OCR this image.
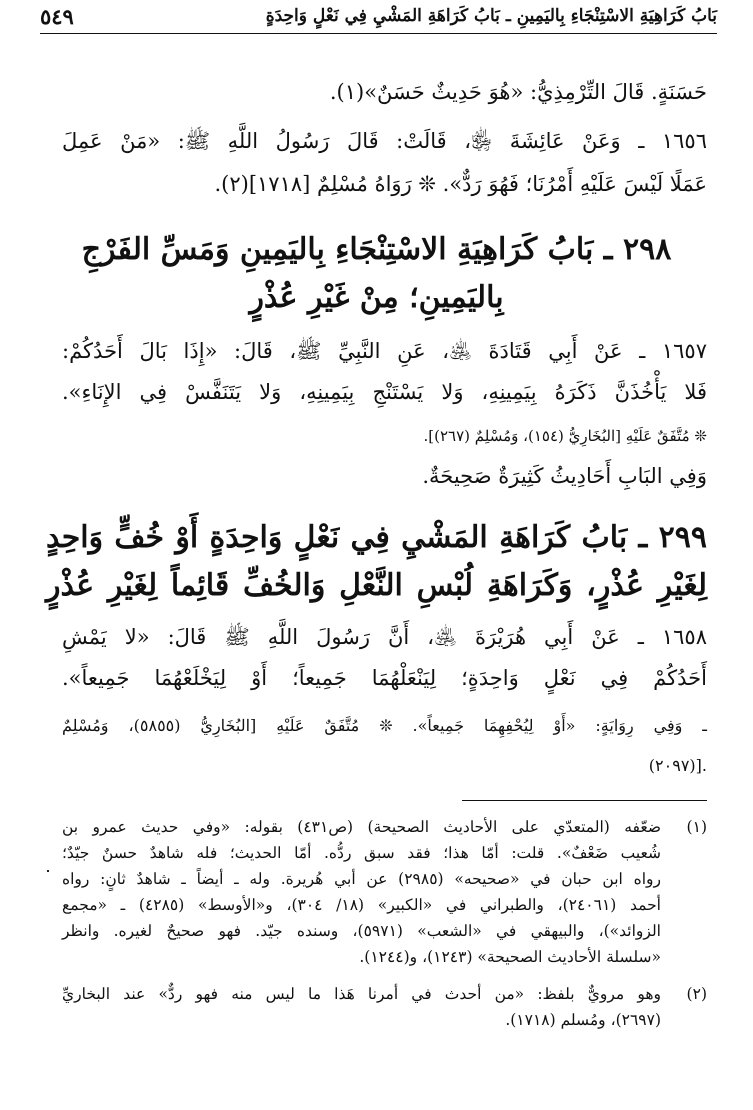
٥٤٩	بَابُ كَرَاهِيَةِ الاسْتِنْجَاءِ بِاليَمِينِ ـ بَابُ كَرَاهَةِ المَشْيِ فِي نَعْلٍ وَاحِدَةٍ
حَسَنَةٍ. قَالَ التِّرْمِذِيُّ: «هُوَ حَدِيثٌ حَسَنٌ»(١).
١٦٥٦ ـ وَعَنْ عَائِشَةَ ﵂، قَالَتْ: قَالَ رَسُولُ اللَّهِ ﷺ: «مَنْ عَمِلَ
عَمَلًا لَيْسَ عَلَيْهِ أَمْرُنَا؛ فَهُوَ رَدٌّ». ❊ رَوَاهُ مُسْلِمٌ [١٧١٨](٢).
٢٩٨ ـ بَابُ كَرَاهِيَةِ الاسْتِنْجَاءِ بِاليَمِينِ وَمَسِّ الفَرْجِ
بِاليَمِينِ؛ مِنْ غَيْرِ عُذْرٍ
١٦٥٧ ـ عَنْ أَبِي قَتَادَةَ ﵁، عَنِ النَّبِيِّ ﷺ، قَالَ: «إِذَا بَالَ أَحَدُكُمْ:
فَلا يَأْخُذَنَّ ذَكَرَهُ بِيَمِينِهِ، وَلا يَسْتَنْجِ بِيَمِينِهِ، وَلا يَتَنَفَّسْ فِي الإِنَاءِ».
❊ مُتَّفَقٌ عَلَيْهِ [البُخَارِيُّ (١٥٤)، وَمُسْلِمٌ (٢٦٧)].
وَفِي البَابِ أَحَادِيثُ كَثِيرَةٌ صَحِيحَةٌ.
٢٩٩ ـ بَابُ كَرَاهَةِ المَشْيِ فِي نَعْلٍ وَاحِدَةٍ أَوْ خُفٍّ وَاحِدٍ
لِغَيْرِ عُذْرٍ، وَكَرَاهَةِ لُبْسِ النَّعْلِ وَالخُفِّ قَائِماً لِغَيْرِ عُذْرٍ
١٦٥٨ ـ عَنْ أَبِي هُرَيْرَةَ ﵁، أَنَّ رَسُولَ اللَّهِ ﷺ قَالَ: «لا يَمْشِ
أَحَدُكُمْ فِي نَعْلٍ وَاحِدَةٍ؛ لِيَنْعَلْهُمَا جَمِيعاً؛ أَوْ لِيَخْلَعْهُمَا جَمِيعاً».
ـ وَفِي رِوَايَةٍ: «أَوْ لِيُحْفِهِمَا جَمِيعاً». ❊ مُتَّفَقٌ عَلَيْهِ [البُخَارِيُّ (٥٨٥٥)، وَمُسْلِمٌ
(٢٠٩٧)].
(١)
ضعّفه (المتعدّي على الأحاديث الصحيحة) (ص٤٣١) بقوله: «وفي حديث عمرو بن
شُعيب ضَعْفٌ». قلت: أمّا هذا؛ فقد سبق ردُّه. أمّا الحديث؛ فله شاهدٌ حسنٌ جيّدٌ؛
رواه ابن حبان في «صحيحه» (٢٩٨٥) عن أبي هُريرة. وله ـ أيضاً ـ شاهدٌ ثانٍ: رواه
أحمد (٢٤٠٦١)، والطبراني في «الكبير» (١٨/ ٣٠٤)، و«الأوسط» (٤٢٨٥) ـ «مجمع
الزوائد»)، والبيهقي في «الشعب» (٥٩٧١)، وسنده جيّد. فهو صحيحٌ لغيره. وانظر
«سلسلة الأحاديث الصحيحة» (١٢٤٣)، و(١٢٤٤).
(٢)
وهو مرويٌّ بلفظ: «من أحدث في أمرنا هَذا ما ليس منه فهو ردٌّ» عند البخاريِّ
(٢٦٩٧)، ومُسلم (١٧١٨).
